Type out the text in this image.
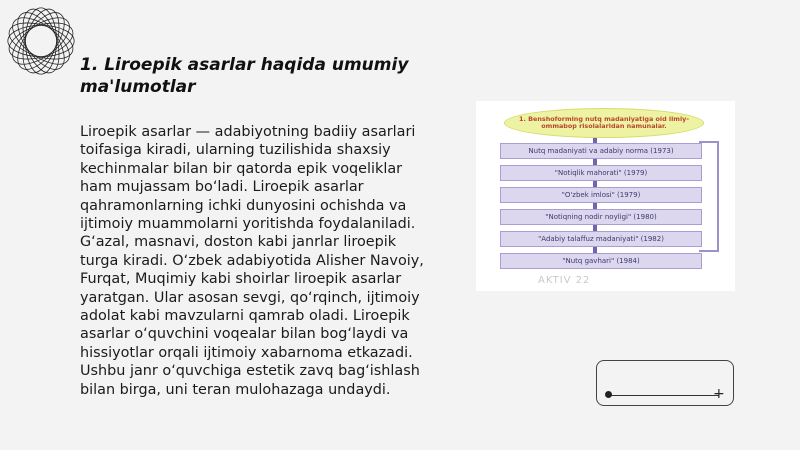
1. Liroepik asarlar haqida umumiy ma'lumotlar
Liroepik asarlar — adabiyotning badiiy asarlari toifasiga kiradi, ularning tuzilishida shaxsiy kechinmalar bilan bir qatorda epik voqeliklar ham mujassam bo‘ladi. Liroepik asarlar qahramonlarning ichki dunyosini ochishda va ijtimoiy muammolarni yoritishda foydalaniladi. G‘azal, masnavi, doston kabi janrlar liroepik turga kiradi. O‘zbek adabiyotida Alisher Navoiy, Furqat, Muqimiy kabi shoirlar liroepik asarlar yaratgan. Ular asosan sevgi, qo‘rqinch, ijtimoiy adolat kabi mavzularni qamrab oladi. Liroepik asarlar o‘quvchini voqealar bilan bog‘laydi va hissiyotlar orqali ijtimoiy xabarnoma etkazadi. Ushbu janr o‘quvchiga estetik zavq bag‘ishlash bilan birga, uni teran mulohazaga undaydi.
1. Benshoforming nutq madaniyatiga oid ilmiy-ommabop risolalaridan namunalar.
Nutq madaniyati va adabiy norma (1973)
"Notiqlik mahorati" (1979)
"O'zbek imlosi" (1979)
"Notiqning nodir noyligi" (1980)
"Adabiy talaffuz madaniyati" (1982)
"Nutq gavhari" (1984)
AKTIV 22
+
